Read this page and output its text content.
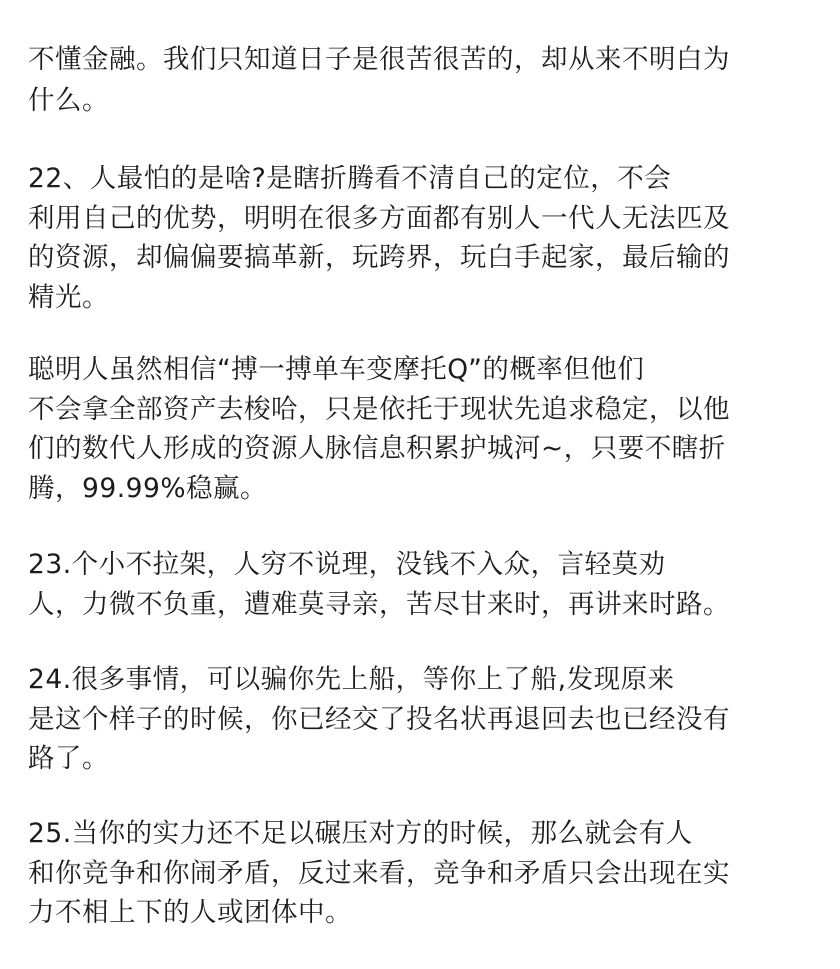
不懂金融。我们只知道日子是很苦很苦的，却从来不明白为
什么。
22、人最怕的是啥?是瞎折腾看不清自己的定位，不会
利用自己的优势，明明在很多方面都有别人一代人无法匹及
的资源，却偏偏要搞革新，玩跨界，玩白手起家，最后输的
精光。
聪明人虽然相信“搏一搏单车变摩托Q”的概率但他们
不会拿全部资产去梭哈，只是依托于现状先追求稳定，以他
们的数代人形成的资源人脉信息积累护城河~，只要不瞎折
腾，99.99%稳赢。
23.个小不拉架，人穷不说理，没钱不入众，言轻莫劝
人，力微不负重，遭难莫寻亲，苦尽甘来时，再讲来时路。
24.很多事情，可以骗你先上船，等你上了船,发现原来
是这个样子的时候，你已经交了投名状再退回去也已经没有
路了。
25.当你的实力还不足以碾压对方的时候，那么就会有人
和你竞争和你闹矛盾，反过来看，竞争和矛盾只会出现在实
力不相上下的人或团体中。
